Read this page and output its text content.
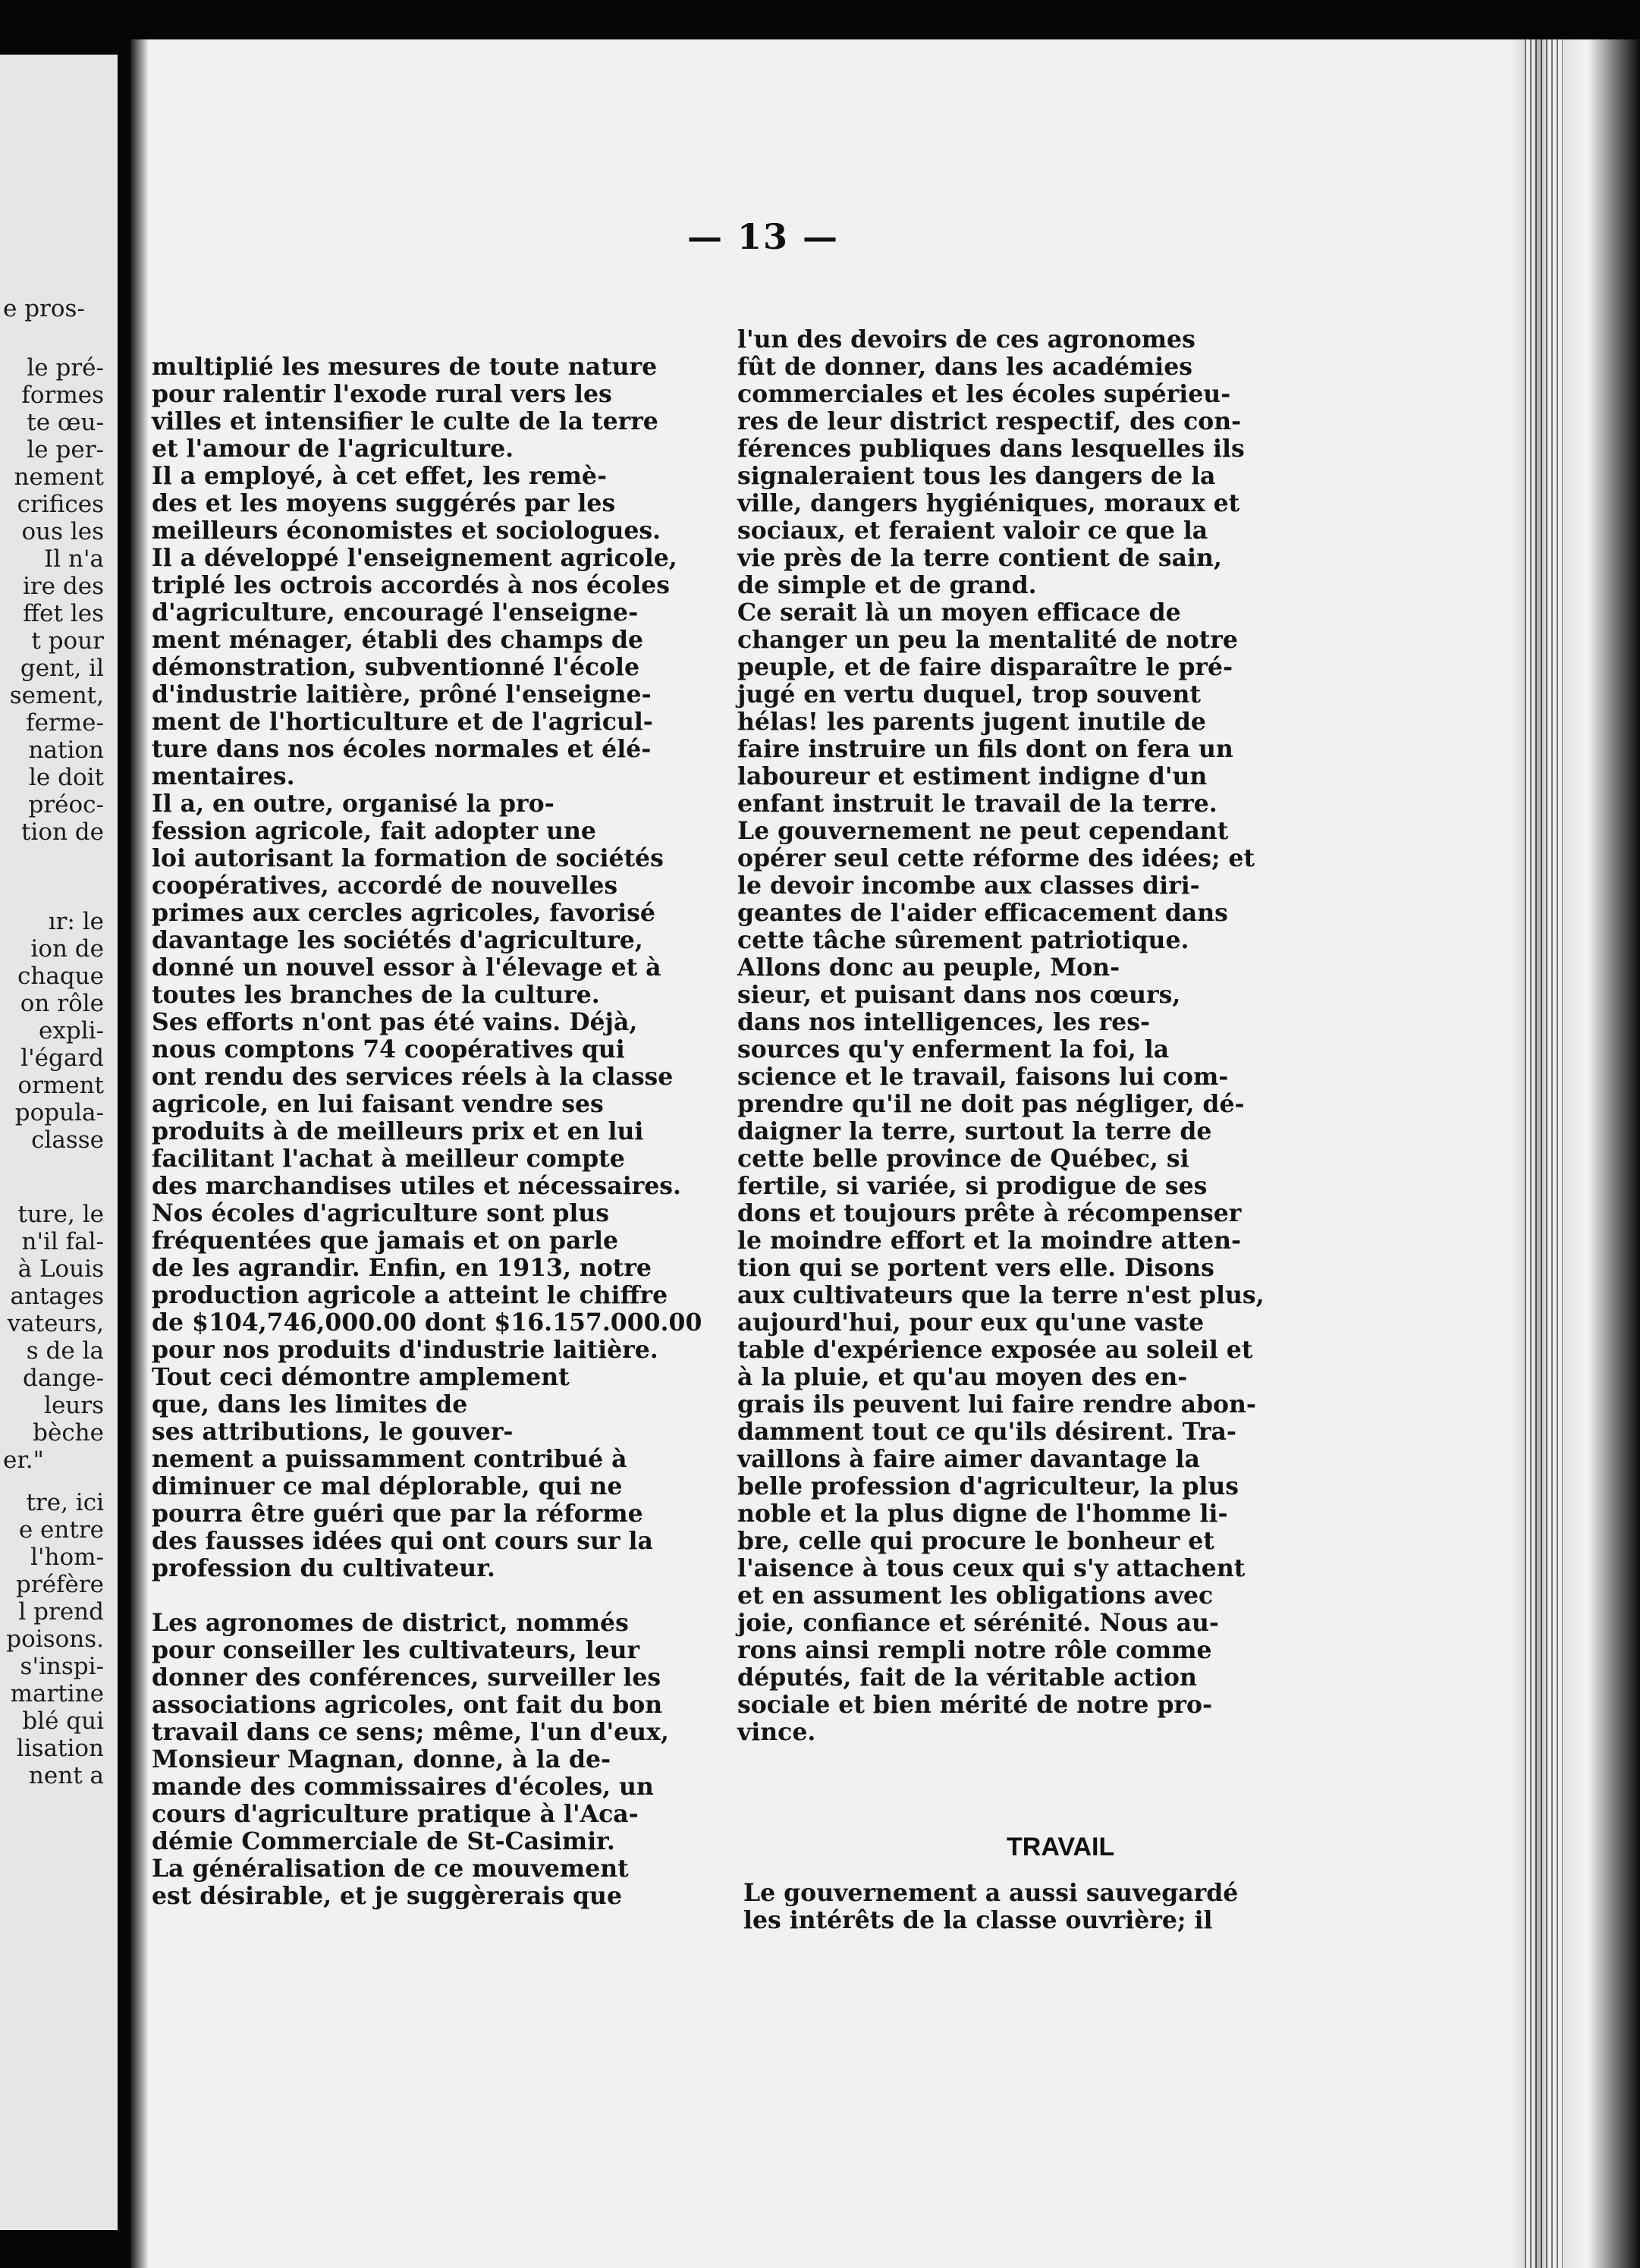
e pros-
le pré-
formes
te œu-
le per-
nement
crifices
ous les
Il n'a
ire des
ffet les
t pour
gent, il
sement,
ferme-
nation
le doit
préoc-
tion de
ır: le
ion de
chaque
on rôle
expli-
l'égard
orment
popula-
classe
ture, le
n'il fal-
à Louis
antages
vateurs,
s de la
dange-
leurs
bèche
er."
tre, ici
e entre
l'hom-
préfère
l prend
poisons.
s'inspi-
martine
blé qui
lisation
nent a
— 13 —
multiplié les mesures de toute nature
pour ralentir l'exode rural vers les
villes et intensifier le culte de la terre
et l'amour de l'agriculture.
Il a employé, à cet effet, les remè-
des et les moyens suggérés par les
meilleurs économistes et sociologues.
Il a développé l'enseignement agricole,
triplé les octrois accordés à nos écoles
d'agriculture, encouragé l'enseigne-
ment ménager, établi des champs de
démonstration, subventionné l'école
d'industrie laitière, prôné l'enseigne-
ment de l'horticulture et de l'agricul-
ture dans nos écoles normales et élé-
mentaires.
Il a, en outre, organisé la pro-
fession agricole, fait adopter une
loi autorisant la formation de sociétés
coopératives, accordé de nouvelles
primes aux cercles agricoles, favorisé
davantage les sociétés d'agriculture,
donné un nouvel essor à l'élevage et à
toutes les branches de la culture.
Ses efforts n'ont pas été vains. Déjà,
nous comptons 74 coopératives qui
ont rendu des services réels à la classe
agricole, en lui faisant vendre ses
produits à de meilleurs prix et en lui
facilitant l'achat à meilleur compte
des marchandises utiles et nécessaires.
Nos écoles d'agriculture sont plus
fréquentées que jamais et on parle
de les agrandir. Enfin, en 1913, notre
production agricole a atteint le chiffre
de $104,746,000.00 dont $16.157.000.00
pour nos produits d'industrie laitière.
Tout ceci démontre amplement
que, dans les limites de
ses attributions, le gouver-
nement a puissamment contribué à
diminuer ce mal déplorable, qui ne
pourra être guéri que par la réforme
des fausses idées qui ont cours sur la
profession du cultivateur.
Les agronomes de district, nommés
pour conseiller les cultivateurs, leur
donner des conférences, surveiller les
associations agricoles, ont fait du bon
travail dans ce sens; même, l'un d'eux,
Monsieur Magnan, donne, à la de-
mande des commissaires d'écoles, un
cours d'agriculture pratique à l'Aca-
démie Commerciale de St-Casimir.
La généralisation de ce mouvement
est désirable, et je suggèrerais que
l'un des devoirs de ces agronomes
fût de donner, dans les académies
commerciales et les écoles supérieu-
res de leur district respectif, des con-
férences publiques dans lesquelles ils
signaleraient tous les dangers de la
ville, dangers hygiéniques, moraux et
sociaux, et feraient valoir ce que la
vie près de la terre contient de sain,
de simple et de grand.
Ce serait là un moyen efficace de
changer un peu la mentalité de notre
peuple, et de faire disparaître le pré-
jugé en vertu duquel, trop souvent
hélas! les parents jugent inutile de
faire instruire un fils dont on fera un
laboureur et estiment indigne d'un
enfant instruit le travail de la terre.
Le gouvernement ne peut cependant
opérer seul cette réforme des idées; et
le devoir incombe aux classes diri-
geantes de l'aider efficacement dans
cette tâche sûrement patriotique.
Allons donc au peuple, Mon-
sieur, et puisant dans nos cœurs,
dans nos intelligences, les res-
sources qu'y enferment la foi, la
science et le travail, faisons lui com-
prendre qu'il ne doit pas négliger, dé-
daigner la terre, surtout la terre de
cette belle province de Québec, si
fertile, si variée, si prodigue de ses
dons et toujours prête à récompenser
le moindre effort et la moindre atten-
tion qui se portent vers elle. Disons
aux cultivateurs que la terre n'est plus,
aujourd'hui, pour eux qu'une vaste
table d'expérience exposée au soleil et
à la pluie, et qu'au moyen des en-
grais ils peuvent lui faire rendre abon-
damment tout ce qu'ils désirent. Tra-
vaillons à faire aimer davantage la
belle profession d'agriculteur, la plus
noble et la plus digne de l'homme li-
bre, celle qui procure le bonheur et
l'aisence à tous ceux qui s'y attachent
et en assument les obligations avec
joie, confiance et sérénité. Nous au-
rons ainsi rempli notre rôle comme
députés, fait de la véritable action
sociale et bien mérité de notre pro-
vince.
TRAVAIL
Le gouvernement a aussi sauvegardé
les intérêts de la classe ouvrière; il
